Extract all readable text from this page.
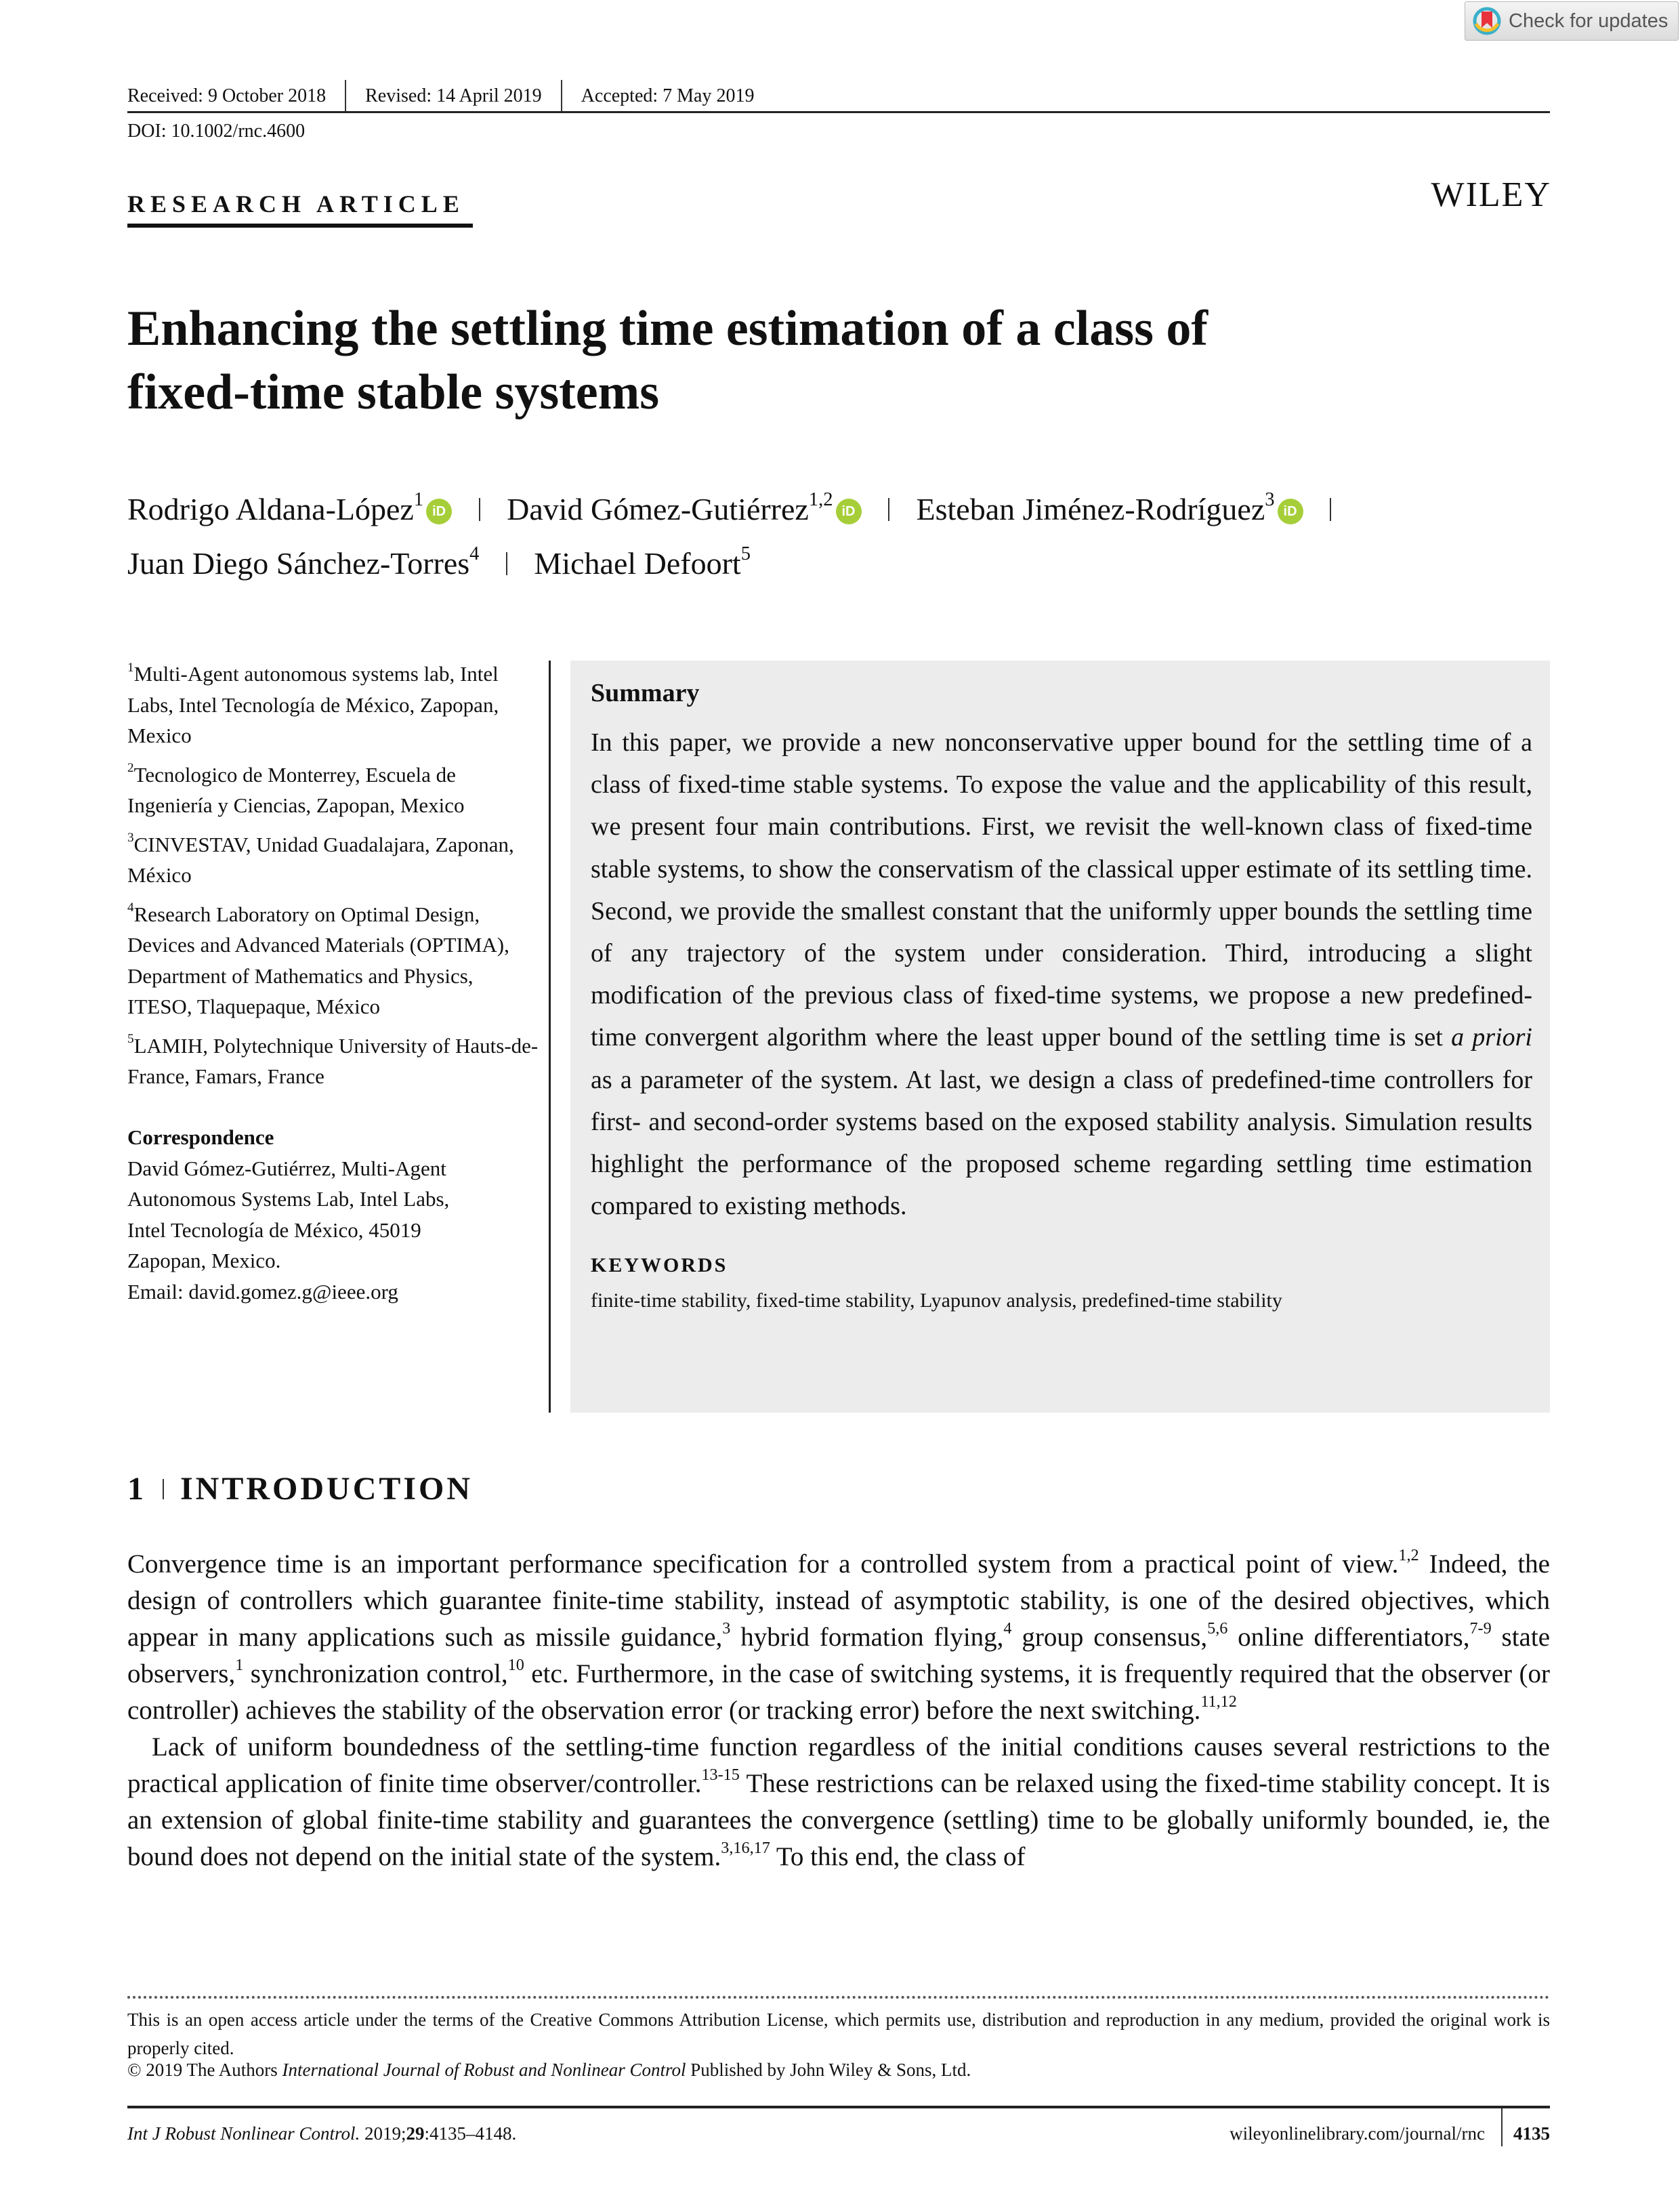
Check for updates
Received: 9 October 2018	Revised: 14 April 2019	Accepted: 7 May 2019
DOI: 10.1002/rnc.4600
RESEARCH ARTICLE	WILEY
Enhancing the settling time estimation of a class of
fixed-time stable systems
Rodrigo Aldana-López$^1$iD David Gómez-Gutiérrez$^{1,2}$iD Esteban Jiménez-Rodríguez$^3$iD
Juan Diego Sánchez-Torres$^4$ Michael Defoort$^5$

$^1$Multi-Agent autonomous systems lab, Intel Labs, Intel Tecnología de México, Zapopan, Mexico

$^2$Tecnologico de Monterrey, Escuela de Ingeniería y Ciencias, Zapopan, Mexico

$^3$CINVESTAV, Unidad Guadalajara, Zaponan, México

$^4$Research Laboratory on Optimal Design, Devices and Advanced Materials (OPTIMA), Department of Mathematics and Physics, ITESO, Tlaquepaque, México

$^5$LAMIH, Polytechnique University of Hauts-de-France, Famars, France

Correspondence
David Gómez-Gutiérrez, Multi-Agent
Autonomous Systems Lab, Intel Labs,
Intel Tecnología de México, 45019
Zapopan, Mexico.
Email: david.gomez.g@ieee.org
Summary

In this paper, we provide a new nonconservative upper bound for the settling time of a class of fixed-time stable systems. To expose the value and the applicability of this result, we present four main contributions. First, we revisit the well-known class of fixed-time stable systems, to show the conservatism of the classical upper estimate of its settling time. Second, we provide the smallest constant that the uniformly upper bounds the settling time of any trajectory of the system under consideration. Third, introducing a slight modification of the previous class of fixed-time systems, we propose a new predefined-time convergent algorithm where the least upper bound of the settling time is set a priori as a parameter of the system. At last, we design a class of predefined-time controllers for first- and second-order systems based on the exposed stability analysis. Simulation results highlight the performance of the proposed scheme regarding settling time estimation compared to existing methods.

KEYWORDS

finite-time stability, fixed-time stability, Lyapunov analysis, predefined-time stability

1 INTRODUCTION

Convergence time is an important performance specification for a controlled system from a practical point of view.$^{1,2}$ Indeed, the design of controllers which guarantee finite-time stability, instead of asymptotic stability, is one of the desired objectives, which appear in many applications such as missile guidance,$^3$ hybrid formation flying,$^4$ group consensus,$^{5,6}$ online differentiators,$^{7-9}$ state observers,$^1$ synchronization control,$^{10}$ etc. Furthermore, in the case of switching systems, it is frequently required that the observer (or controller) achieves the stability of the observation error (or tracking error) before the next switching.$^{11,12}$

Lack of uniform boundedness of the settling-time function regardless of the initial conditions causes several restrictions to the practical application of finite time observer/controller.$^{13-15}$ These restrictions can be relaxed using the fixed-time stability concept. It is an extension of global finite-time stability and guarantees the convergence (settling) time to be globally uniformly bounded, ie, the bound does not depend on the initial state of the system.$^{3,16,17}$ To this end, the class of

This is an open access article under the terms of the Creative Commons Attribution License, which permits use, distribution and reproduction in any medium, provided the original work is properly cited.

© 2019 The Authors International Journal of Robust and Nonlinear Control Published by John Wiley & Sons, Ltd.
Int J Robust Nonlinear Control. 2019;29:4135–4148.	wileyonlinelibrary.com/journal/rnc 4135
